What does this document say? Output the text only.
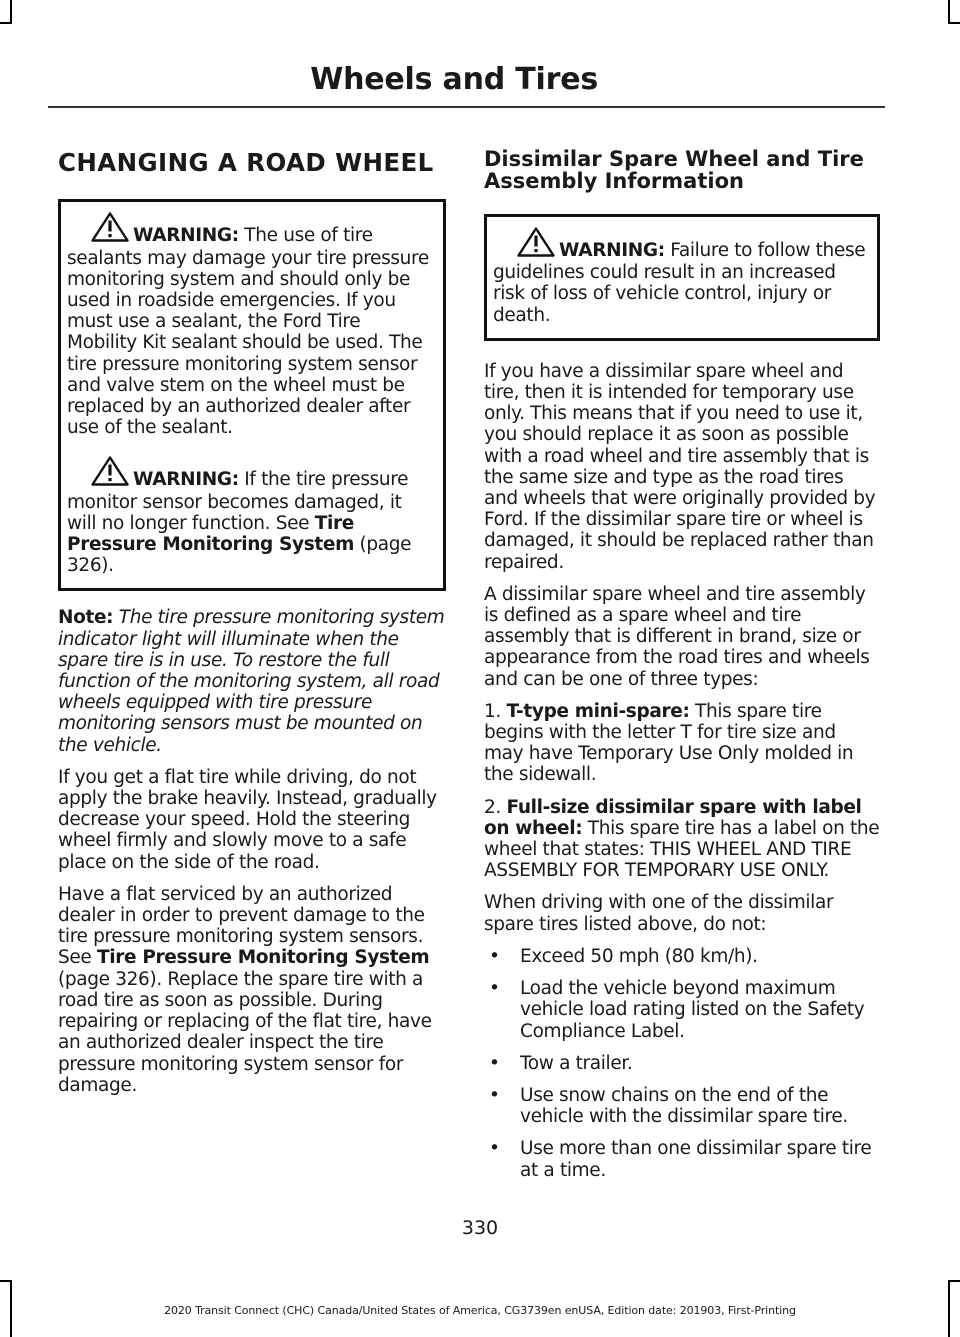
Wheels and Tires
CHANGING A ROAD WHEEL

WARNING: The use of tire sealants may damage your tire pressure monitoring system and should only be used in roadside emergencies. If you must use a sealant, the Ford Tire Mobility Kit sealant should be used. The tire pressure monitoring system sensor and valve stem on the wheel must be replaced by an authorized dealer after use of the sealant.

WARNING: If the tire pressure monitor sensor becomes damaged, it will no longer function. See Tire Pressure Monitoring System (page 326).

Note: The tire pressure monitoring system indicator light will illuminate when the spare tire is in use. To restore the full function of the monitoring system, all road wheels equipped with tire pressure monitoring sensors must be mounted on the vehicle.

If you get a flat tire while driving, do not apply the brake heavily. Instead, gradually decrease your speed. Hold the steering wheel firmly and slowly move to a safe place on the side of the road.

Have a flat serviced by an authorized dealer in order to prevent damage to the tire pressure monitoring system sensors. See Tire Pressure Monitoring System (page 326). Replace the spare tire with a road tire as soon as possible. During repairing or replacing of the flat tire, have an authorized dealer inspect the tire pressure monitoring system sensor for damage.

Dissimilar Spare Wheel and Tire Assembly Information

WARNING: Failure to follow these guidelines could result in an increased risk of loss of vehicle control, injury or death.

If you have a dissimilar spare wheel and tire, then it is intended for temporary use only. This means that if you need to use it, you should replace it as soon as possible with a road wheel and tire assembly that is the same size and type as the road tires and wheels that were originally provided by Ford. If the dissimilar spare tire or wheel is damaged, it should be replaced rather than repaired.

A dissimilar spare wheel and tire assembly is defined as a spare wheel and tire assembly that is different in brand, size or appearance from the road tires and wheels and can be one of three types:

1. T-type mini-spare: This spare tire begins with the letter T for tire size and may have Temporary Use Only molded in the sidewall.

2. Full-size dissimilar spare with label on wheel: This spare tire has a label on the wheel that states: THIS WHEEL AND TIRE ASSEMBLY FOR TEMPORARY USE ONLY.

When driving with one of the dissimilar spare tires listed above, do not:

• Exceed 50 mph (80 km/h).
• Load the vehicle beyond maximum vehicle load rating listed on the Safety Compliance Label.
• Tow a trailer.
• Use snow chains on the end of the vehicle with the dissimilar spare tire.
• Use more than one dissimilar spare tire at a time.
330
2020 Transit Connect (CHC) Canada/United States of America, CG3739en enUSA, Edition date: 201903, First-Printing
